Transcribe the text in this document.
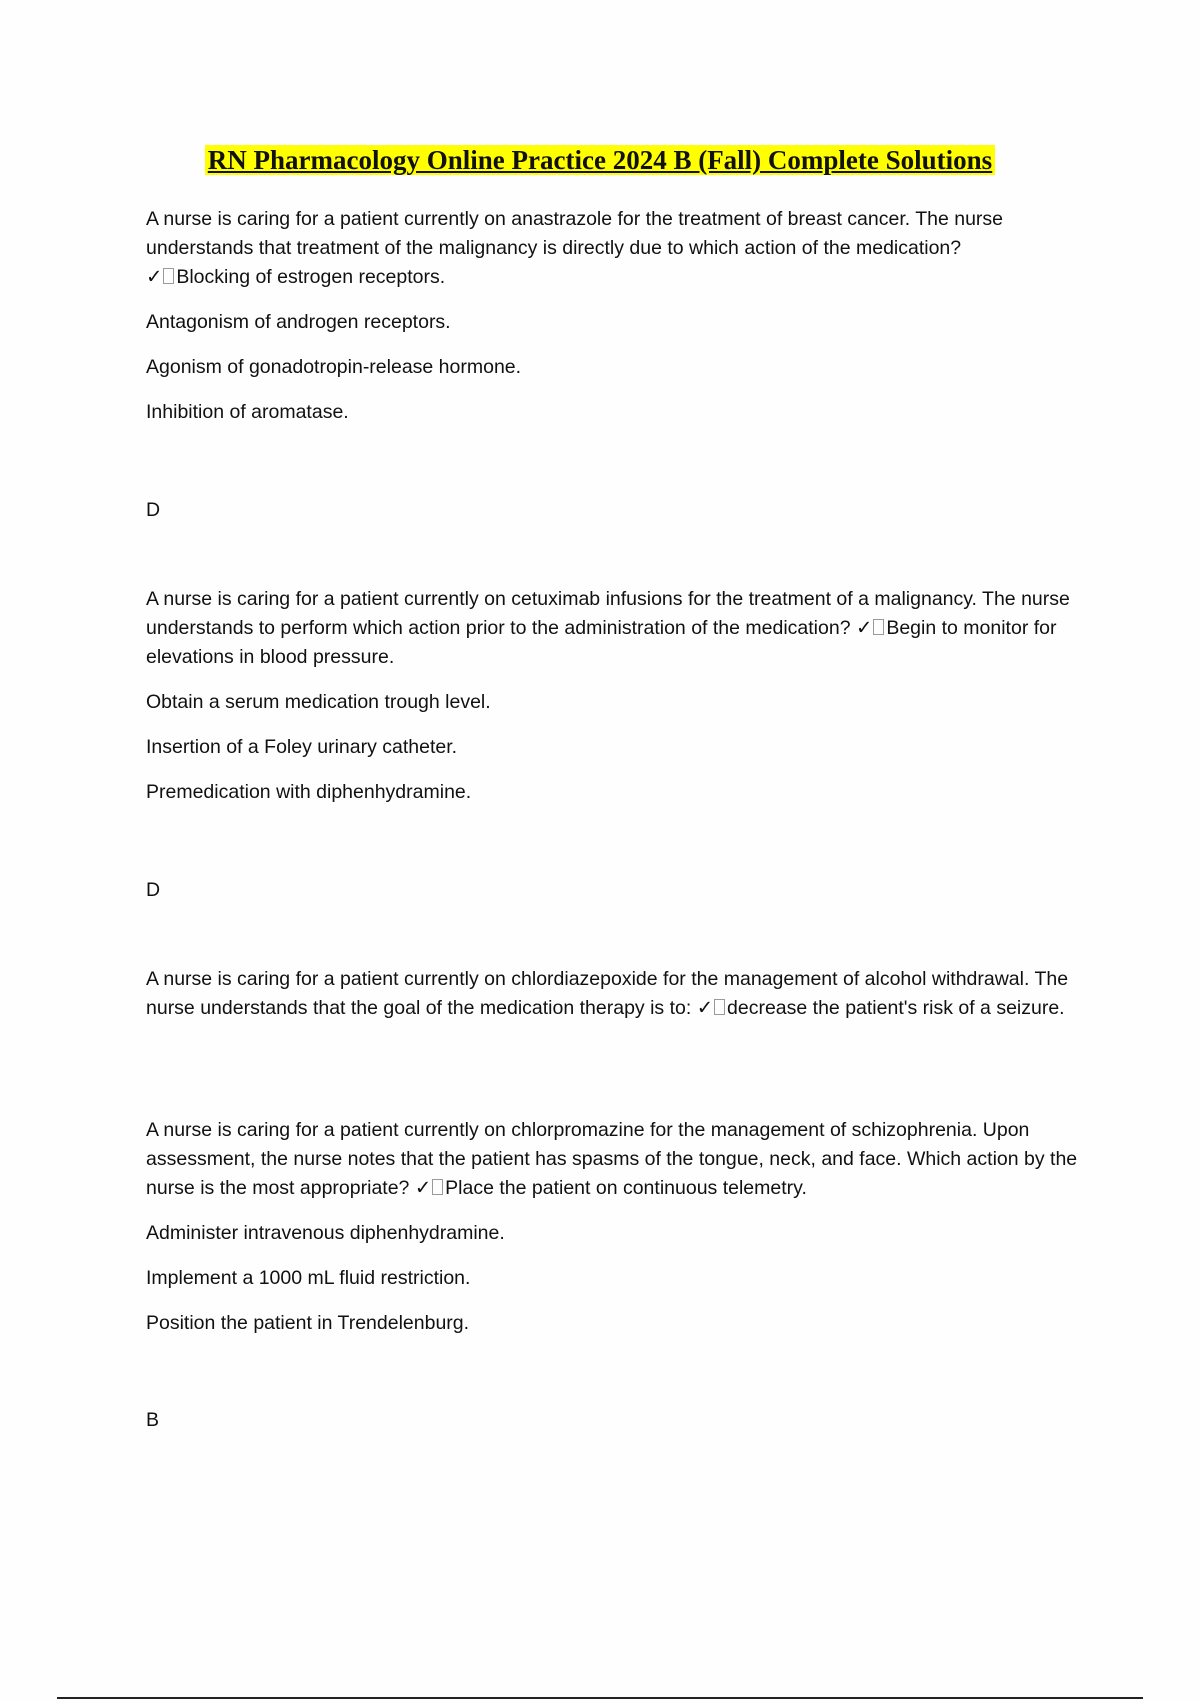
RN Pharmacology Online Practice 2024 B (Fall) Complete Solutions

A nurse is caring for a patient currently on anastrazole for the treatment of breast cancer. The nurse understands that treatment of the malignancy is directly due to which action of the medication?
✓ Blocking of estrogen receptors.

Antagonism of androgen receptors.

Agonism of gonadotropin-release hormone.

Inhibition of aromatase.

D

A nurse is caring for a patient currently on cetuximab infusions for the treatment of a malignancy. The nurse understands to perform which action prior to the administration of the medication? ✓ Begin to monitor for elevations in blood pressure.

Obtain a serum medication trough level.

Insertion of a Foley urinary catheter.

Premedication with diphenhydramine.

D

A nurse is caring for a patient currently on chlordiazepoxide for the management of alcohol withdrawal. The nurse understands that the goal of the medication therapy is to: ✓ decrease the patient's risk of a seizure.

A nurse is caring for a patient currently on chlorpromazine for the management of schizophrenia. Upon assessment, the nurse notes that the patient has spasms of the tongue, neck, and face. Which action by the nurse is the most appropriate? ✓ Place the patient on continuous telemetry.

Administer intravenous diphenhydramine.

Implement a 1000 mL fluid restriction.

Position the patient in Trendelenburg.

B
